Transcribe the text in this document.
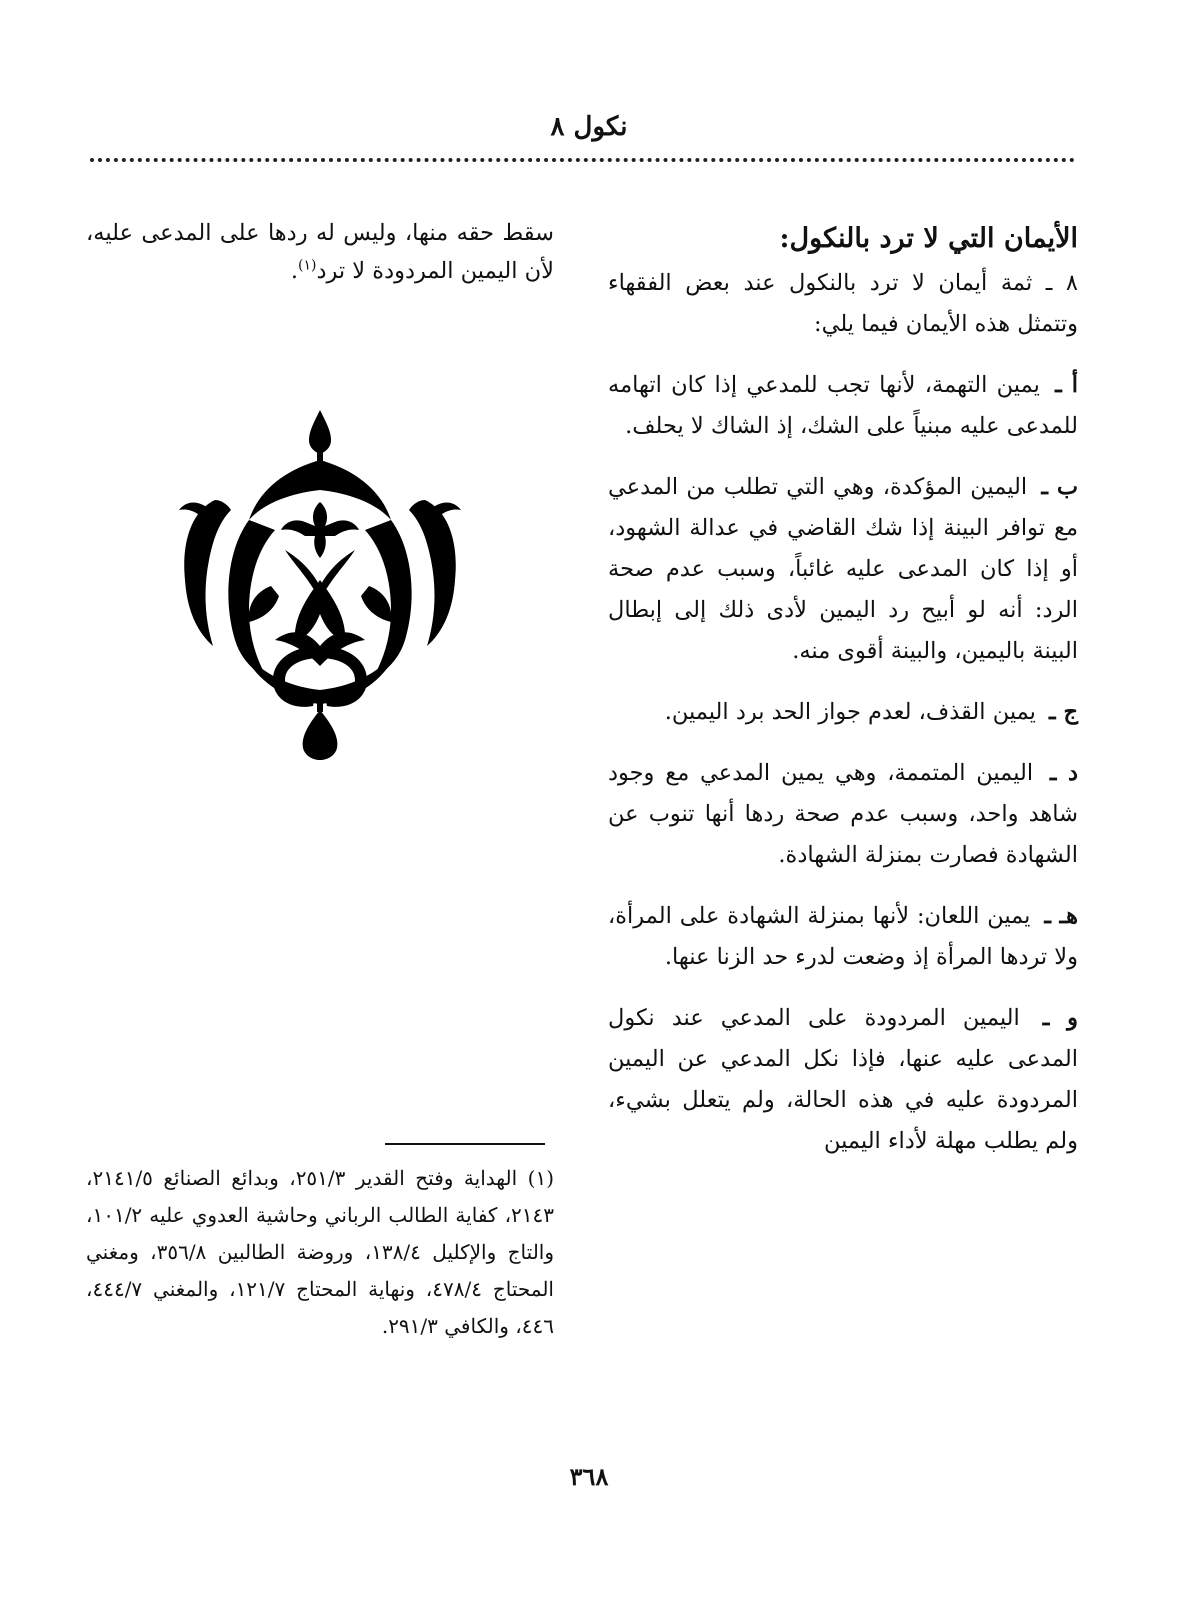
نكول ٨
الأيمان التي لا ترد بالنكول:
٨ ـ ثمة أيمان لا ترد بالنكول عند بعض الفقهاء وتتمثل هذه الأيمان فيما يلي:
أ ـ يمين التهمة، لأنها تجب للمدعي إذا كان اتهامه للمدعى عليه مبنياً على الشك، إذ الشاك لا يحلف.
ب ـ اليمين المؤكدة، وهي التي تطلب من المدعي مع توافر البينة إذا شك القاضي في عدالة الشهود، أو إذا كان المدعى عليه غائباً، وسبب عدم صحة الرد: أنه لو أبيح رد اليمين لأدى ذلك إلى إبطال البينة باليمين، والبينة أقوى منه.
ج ـ يمين القذف، لعدم جواز الحد برد اليمين.
د ـ اليمين المتممة، وهي يمين المدعي مع وجود شاهد واحد، وسبب عدم صحة ردها أنها تنوب عن الشهادة فصارت بمنزلة الشهادة.
هـ ـ يمين اللعان: لأنها بمنزلة الشهادة على المرأة، ولا تردها المرأة إذ وضعت لدرء حد الزنا عنها.
و ـ اليمين المردودة على المدعي عند نكول المدعى عليه عنها، فإذا نكل المدعي عن اليمين المردودة عليه في هذه الحالة، ولم يتعلل بشيء، ولم يطلب مهلة لأداء اليمين
سقط حقه منها، وليس له ردها على المدعى عليه، لأن اليمين المردودة لا ترد$^{(١)}$.
(١) الهداية وفتح القدير ٢٥١/٣، وبدائع الصنائع ٢١٤١/٥، ٢١٤٣، كفاية الطالب الرباني وحاشية العدوي عليه ١٠١/٢، والتاج والإكليل ١٣٨/٤، وروضة الطالبين ٣٥٦/٨، ومغني المحتاج ٤٧٨/٤، ونهاية المحتاج ١٢١/٧، والمغني ٤٤٤/٧، ٤٤٦، والكافي ٢٩١/٣.
٣٦٨
